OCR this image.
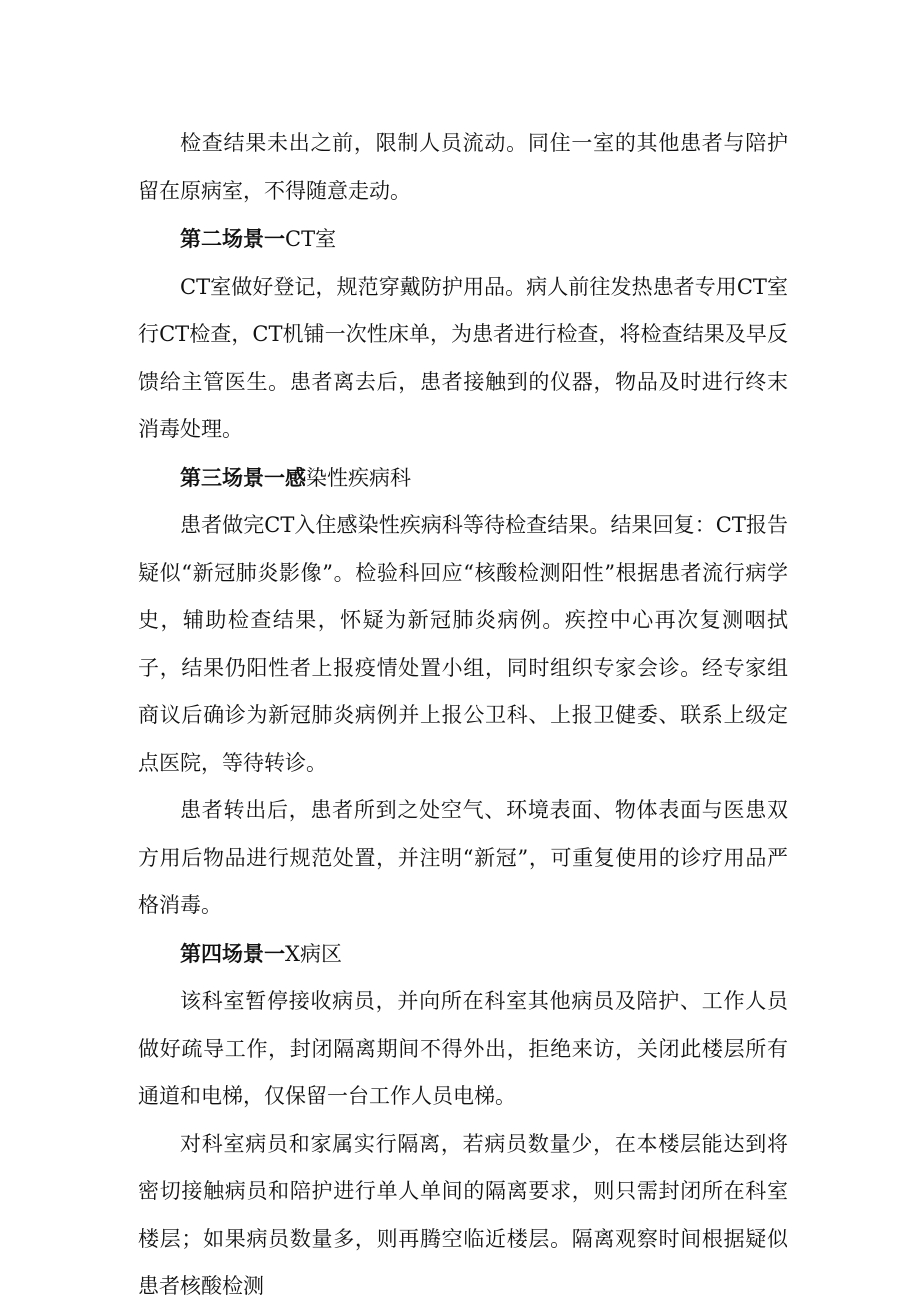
检查结果未出之前，限制人员流动。同住一室的其他患者与陪护留在原病室，不得随意走动。

第二场景一CT室

CT室做好登记，规范穿戴防护用品。病人前往发热患者专用CT室行CT检查，CT机铺一次性床单，为患者进行检查，将检查结果及早反馈给主管医生。患者离去后，患者接触到的仪器，物品及时进行终末消毒处理。

第三场景一感染性疾病科

患者做完CT入住感染性疾病科等待检查结果。结果回复：CT报告疑似“新冠肺炎影像”。检验科回应“核酸检测阳性”根据患者流行病学史，辅助检查结果，怀疑为新冠肺炎病例。疾控中心再次复测咽拭子，结果仍阳性者上报疫情处置小组，同时组织专家会诊。经专家组商议后确诊为新冠肺炎病例并上报公卫科、上报卫健委、联系上级定点医院，等待转诊。

患者转出后，患者所到之处空气、环境表面、物体表面与医患双方用后物品进行规范处置，并注明“新冠”，可重复使用的诊疗用品严格消毒。

第四场景一X病区

该科室暂停接收病员，并向所在科室其他病员及陪护、工作人员做好疏导工作，封闭隔离期间不得外出，拒绝来访，关闭此楼层所有通道和电梯，仅保留一台工作人员电梯。

对科室病员和家属实行隔离，若病员数量少，在本楼层能达到将密切接触病员和陪护进行单人单间的隔离要求，则只需封闭所在科室楼层；如果病员数量多，则再腾空临近楼层。隔离观察时间根据疑似患者核酸检测
